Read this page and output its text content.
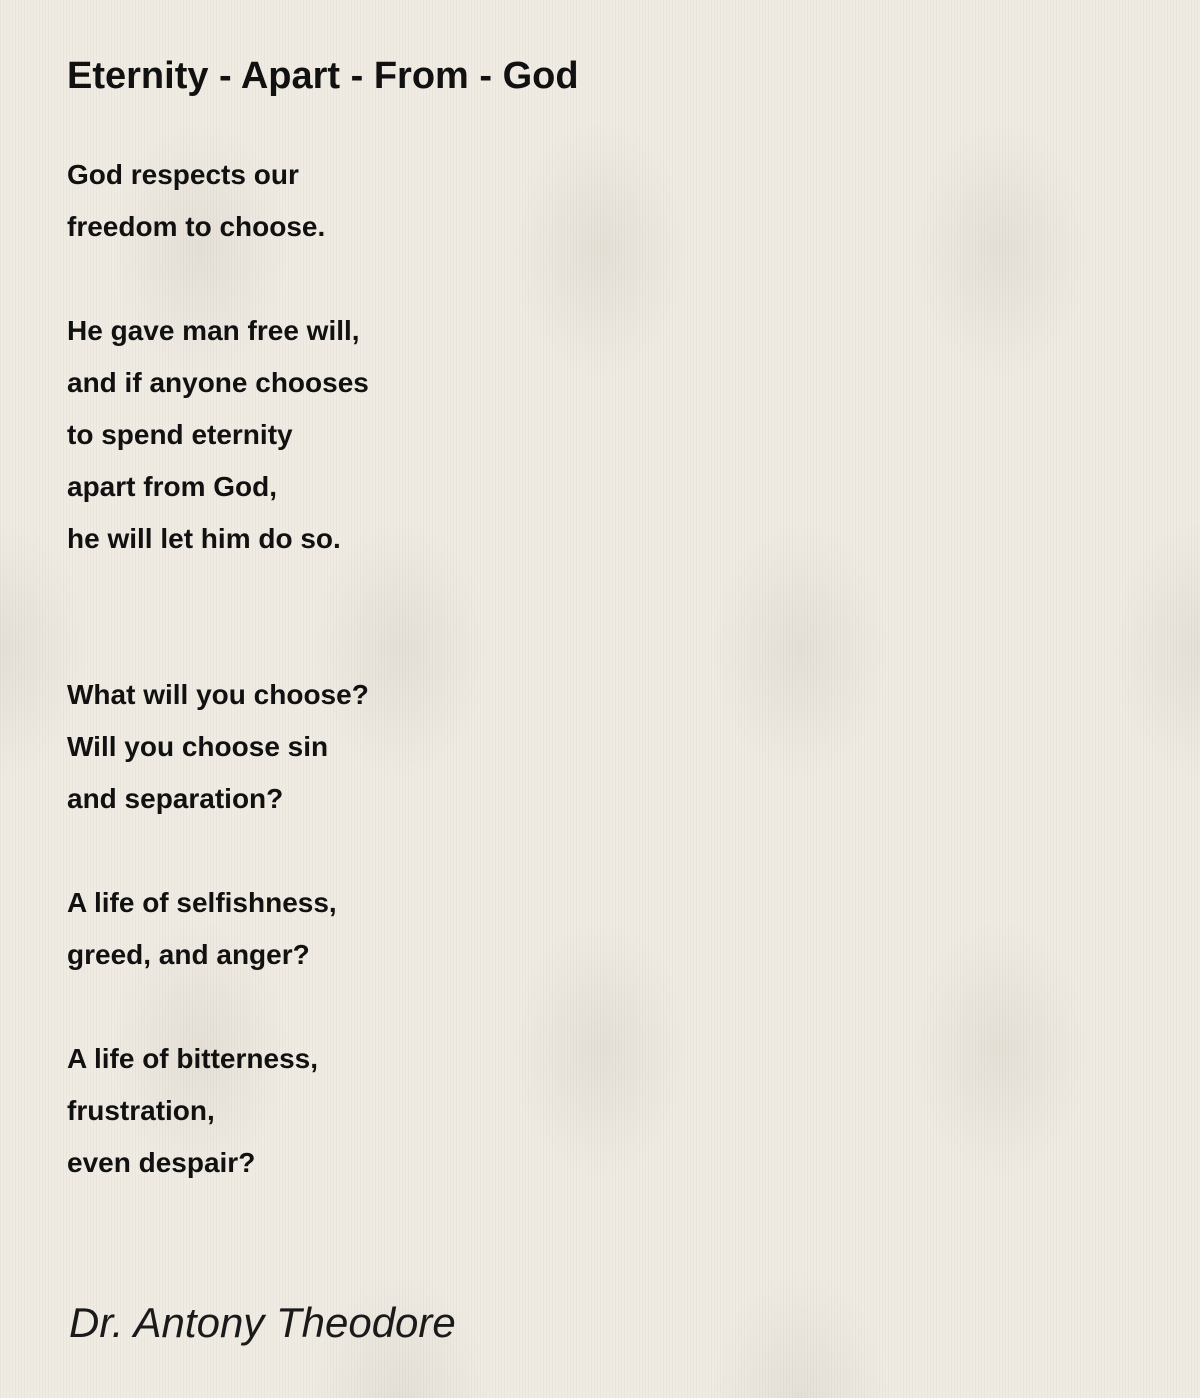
Eternity - Apart - From - God

God respects our
freedom to choose.

He gave man free will,
and if anyone chooses
to spend eternity
apart from God,
he will let him do so.

What will you choose?
Will you choose sin
and separation?

A life of selfishness,
greed, and anger?

A life of bitterness,
frustration,
even despair?

Dr. Antony Theodore
